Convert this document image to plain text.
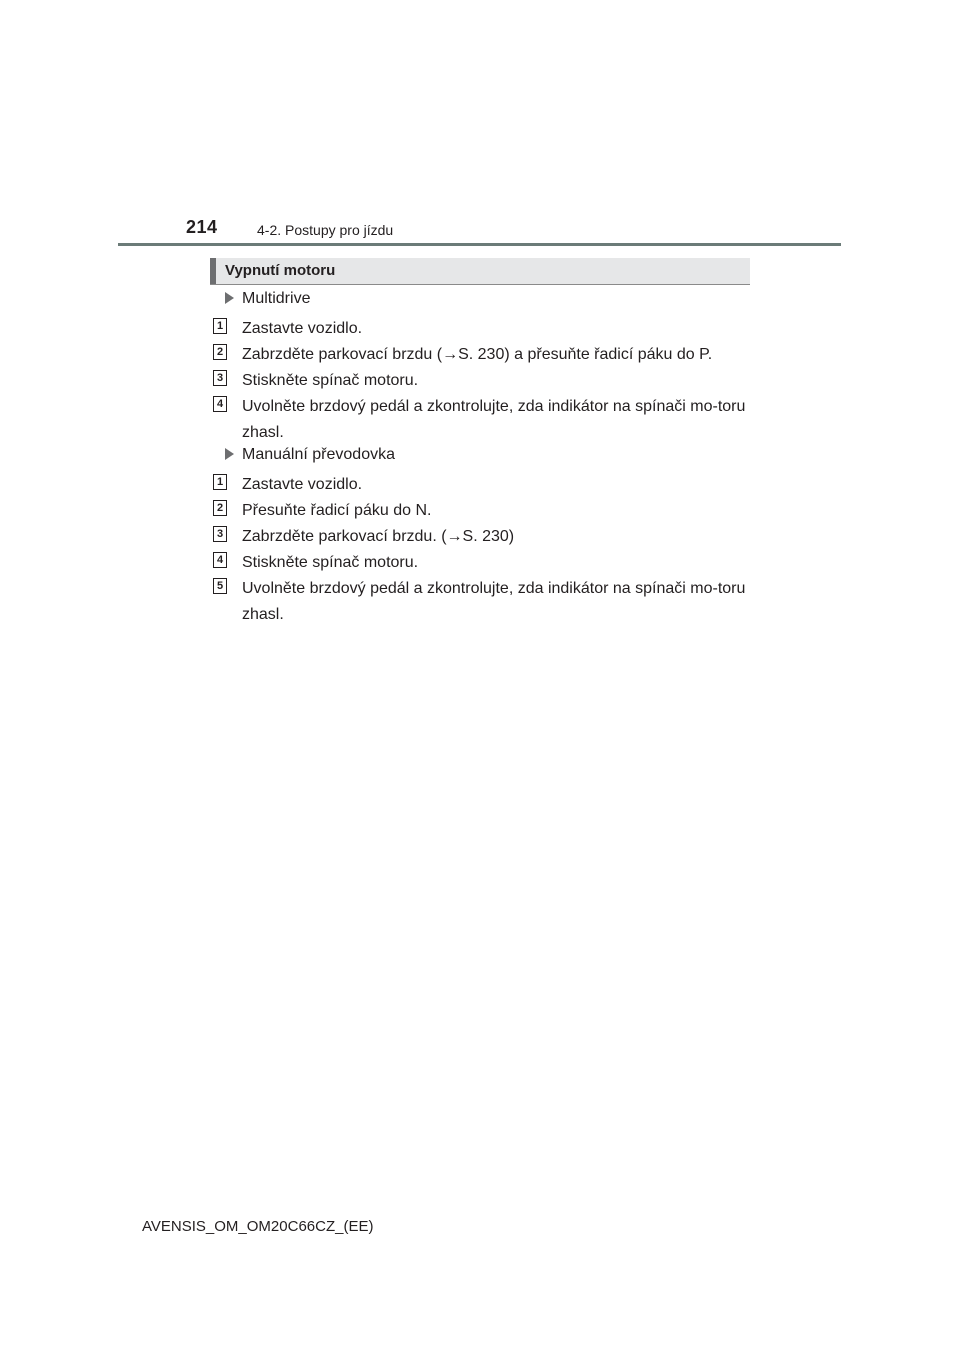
214	4-2. Postupy pro jízdu
Vypnutí motoru
Multidrive
1 Zastavte vozidlo.
2 Zabrzděte parkovací brzdu (→S. 230) a přesuňte řadicí páku do P.
3 Stiskněte spínač motoru.
4 Uvolněte brzdový pedál a zkontrolujte, zda indikátor na spínači mo-toru zhasl.
Manuální převodovka
1 Zastavte vozidlo.
2 Přesuňte řadicí páku do N.
3 Zabrzděte parkovací brzdu. (→S. 230)
4 Stiskněte spínač motoru.
5 Uvolněte brzdový pedál a zkontrolujte, zda indikátor na spínači mo-toru zhasl.
AVENSIS_OM_OM20C66CZ_(EE)
